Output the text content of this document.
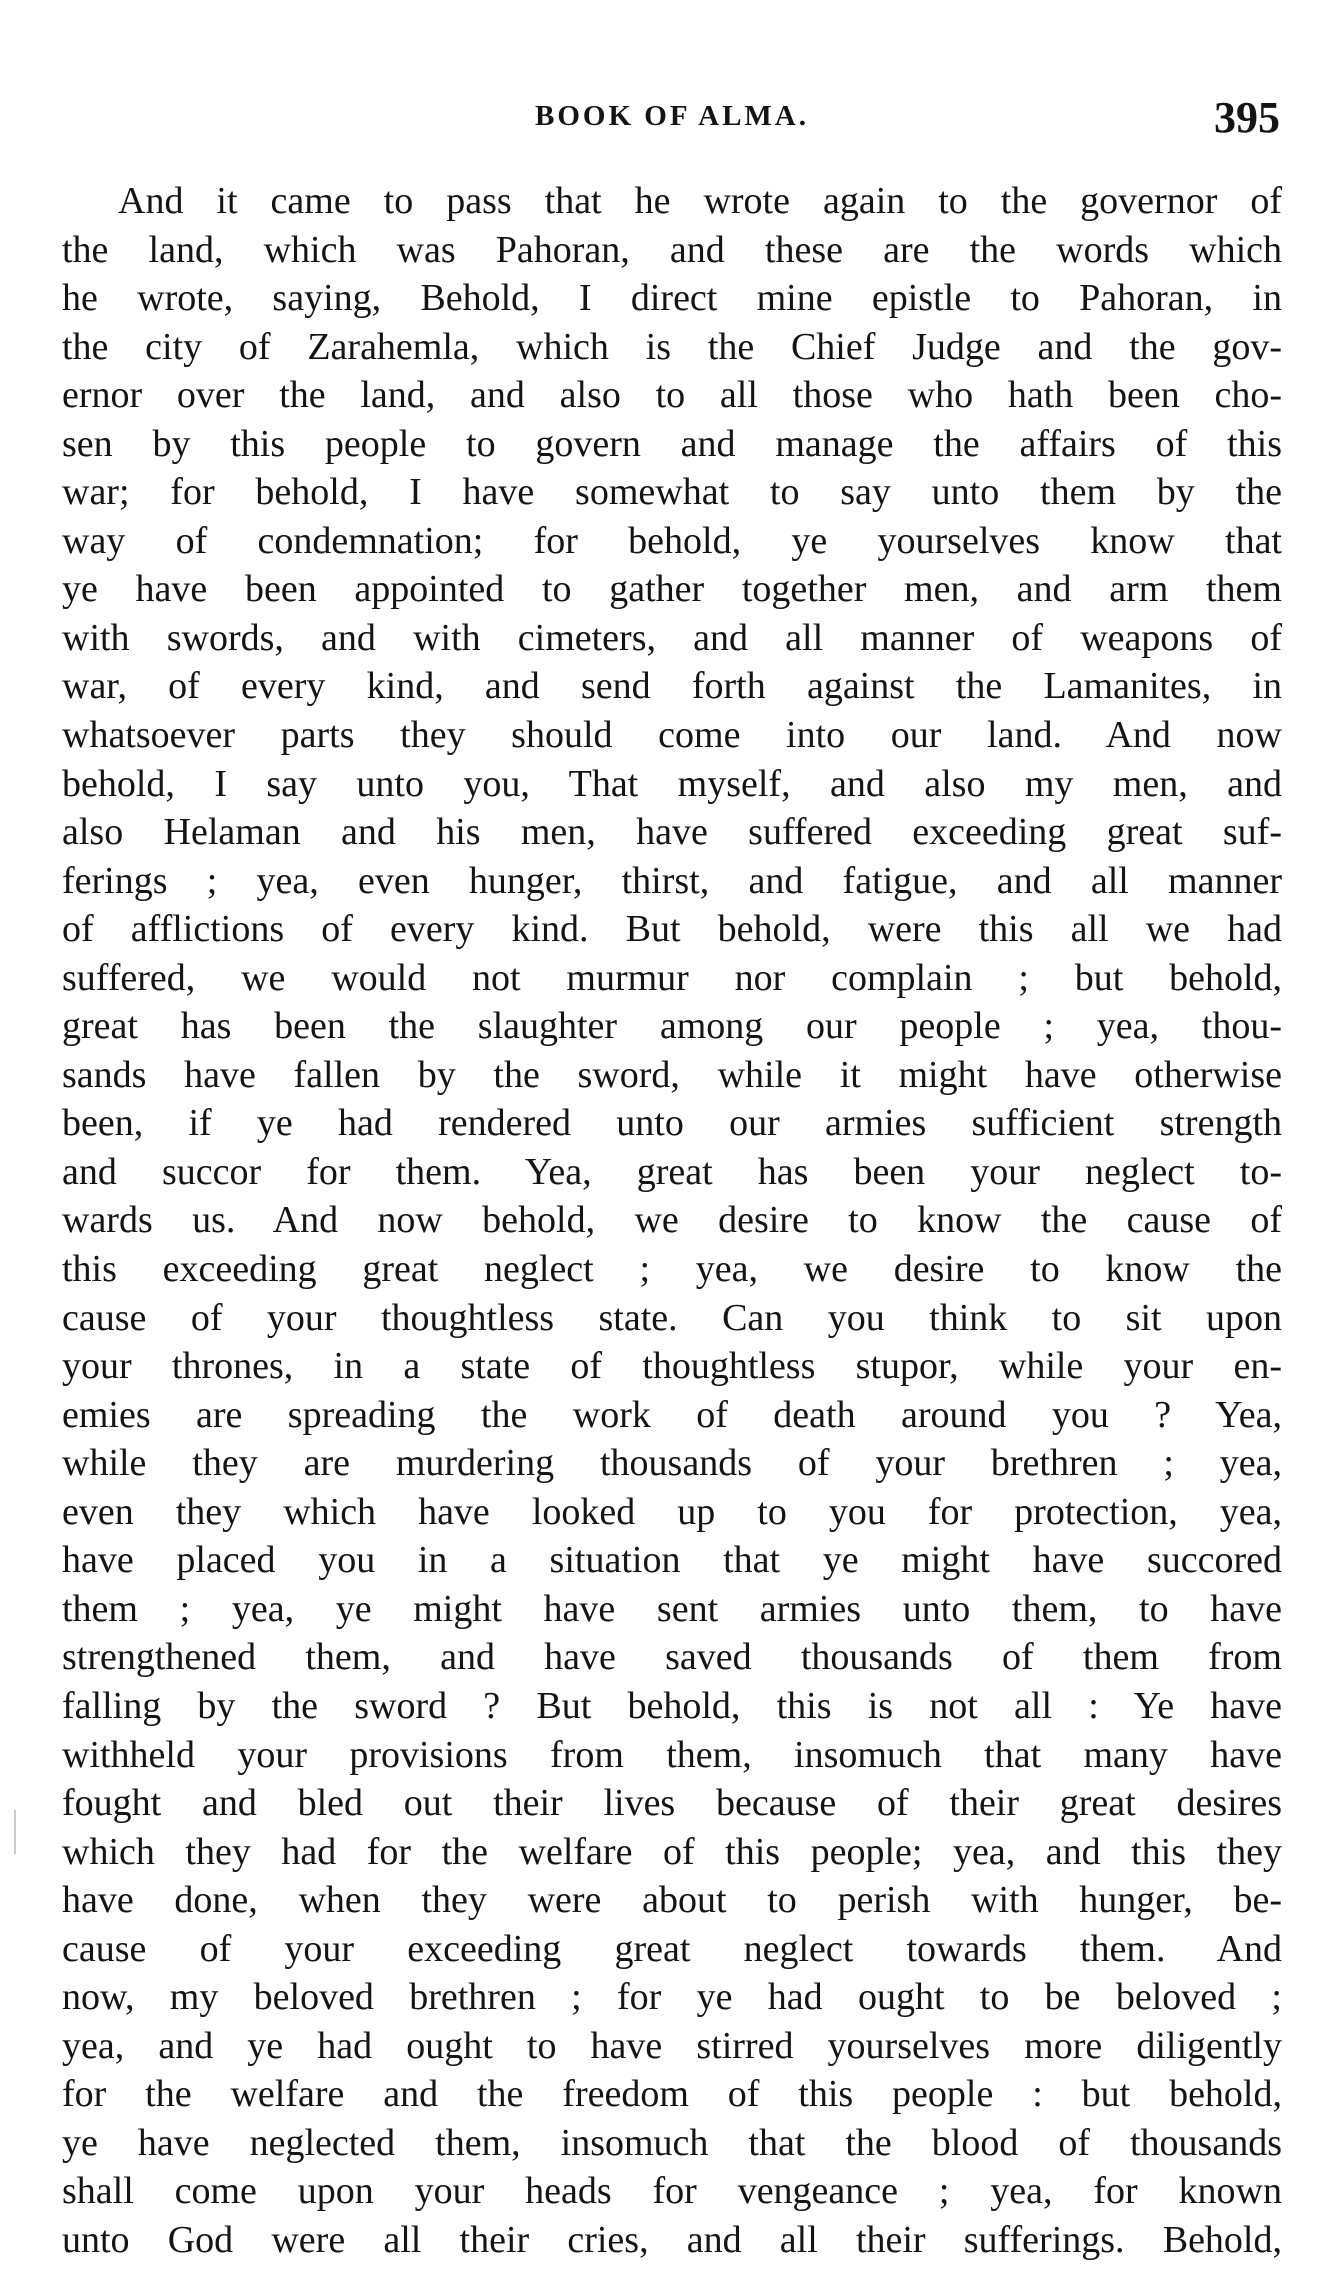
BOOK OF ALMA.	395
And it came to pass that he wrote again to the governor of
the land, which was Pahoran, and these are the words which
he wrote, saying, Behold, I direct mine epistle to Pahoran, in
the city of Zarahemla, which is the Chief Judge and the gov-
ernor over the land, and also to all those who hath been cho-
sen by this people to govern and manage the affairs of this
war; for behold, I have somewhat to say unto them by the
way of condemnation; for behold, ye yourselves know that
ye have been appointed to gather together men, and arm them
with swords, and with cimeters, and all manner of weapons of
war, of every kind, and send forth against the Lamanites, in
whatsoever parts they should come into our land. And now
behold, I say unto you, That myself, and also my men, and
also Helaman and his men, have suffered exceeding great suf-
ferings ; yea, even hunger, thirst, and fatigue, and all manner
of afflictions of every kind. But behold, were this all we had
suffered, we would not murmur nor complain ; but behold,
great has been the slaughter among our people ; yea, thou-
sands have fallen by the sword, while it might have otherwise
been, if ye had rendered unto our armies sufficient strength
and succor for them. Yea, great has been your neglect to-
wards us. And now behold, we desire to know the cause of
this exceeding great neglect ; yea, we desire to know the
cause of your thoughtless state. Can you think to sit upon
your thrones, in a state of thoughtless stupor, while your en-
emies are spreading the work of death around you ? Yea,
while they are murdering thousands of your brethren ; yea,
even they which have looked up to you for protection, yea,
have placed you in a situation that ye might have succored
them ; yea, ye might have sent armies unto them, to have
strengthened them, and have saved thousands of them from
falling by the sword ? But behold, this is not all : Ye have
withheld your provisions from them, insomuch that many have
fought and bled out their lives because of their great desires
which they had for the welfare of this people; yea, and this they
have done, when they were about to perish with hunger, be-
cause of your exceeding great neglect towards them. And
now, my beloved brethren ; for ye had ought to be beloved ;
yea, and ye had ought to have stirred yourselves more diligently
for the welfare and the freedom of this people : but behold,
ye have neglected them, insomuch that the blood of thousands
shall come upon your heads for vengeance ; yea, for known
unto God were all their cries, and all their sufferings. Behold,
